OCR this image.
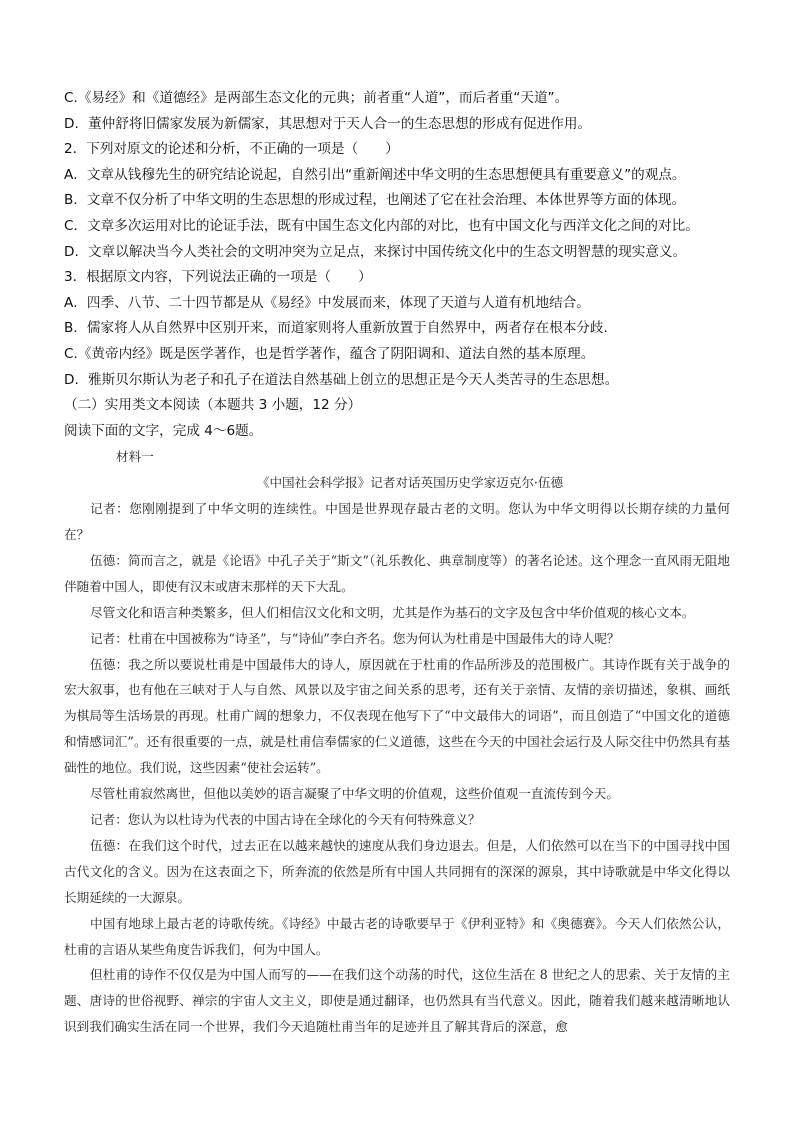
C.《易经》和《道德经》是两部生态文化的元典；前者重“人道”，而后者重“天道”。
D．董仲舒将旧儒家发展为新儒家，其思想对于天人合一的生态思想的形成有促进作用。
2．下列对原文的论述和分析，不正确的一项是（　　）
A．文章从钱穆先生的研究结论说起，自然引出“重新阐述中华文明的生态思想便具有重要意义”的观点。
B．文章不仅分析了中华文明的生态思想的形成过程，也阐述了它在社会治理、本体世界等方面的体现。
C．文章多次运用对比的论证手法，既有中国生态文化内部的对比，也有中国文化与西洋文化之间的对比。
D．文章以解决当今人类社会的文明冲突为立足点，来探讨中国传统文化中的生态文明智慧的现实意义。
3．根据原文内容，下列说法正确的一项是（　　）
A．四季、八节、二十四节都是从《易经》中发展而来，体现了天道与人道有机地结合。
B．儒家将人从自然界中区别开来，而道家则将人重新放置于自然界中，两者存在根本分歧．
C.《黄帝内经》既是医学著作，也是哲学著作，蕴含了阴阳调和、道法自然的基本原理。
D．雅斯贝尔斯认为老子和孔子在道法自然基础上创立的思想正是今天人类苦寻的生态思想。
（二）实用类文本阅读（本题共 3 小题，12 分）
阅读下面的文字，完成 4～6题。

材料一

《中国社会科学报》记者对话英国历史学家迈克尔·伍德

记者：您刚刚提到了中华文明的连续性。中国是世界现存最古老的文明。您认为中华文明得以长期存续的力量何在？

伍德：简而言之，就是《论语》中孔子关于“斯文”（礼乐教化、典章制度等）的著名论述。这个理念一直风雨无阻地伴随着中国人，即使有汉末或唐末那样的天下大乱。

尽管文化和语言种类繁多，但人们相信汉文化和文明，尤其是作为基石的文字及包含中华价值观的核心文本。

记者：杜甫在中国被称为“诗圣”，与“诗仙”李白齐名。您为何认为杜甫是中国最伟大的诗人呢？

伍德：我之所以要说杜甫是中国最伟大的诗人，原因就在于杜甫的作品所涉及的范围极广。其诗作既有关于战争的宏大叙事，也有他在三峡对于人与自然、风景以及宇宙之间关系的思考，还有关于亲情、友情的亲切描述，象棋、画纸为棋局等生活场景的再现。杜甫广阔的想象力，不仅表现在他写下了“中文最伟大的词语”，而且创造了“中国文化的道德和情感词汇”。还有很重要的一点，就是杜甫信奉儒家的仁义道德，这些在今天的中国社会运行及人际交往中仍然具有基础性的地位。我们说，这些因素“使社会运转”。

尽管杜甫寂然离世，但他以美妙的语言凝聚了中华文明的价值观，这些价值观一直流传到今天。

记者：您认为以杜诗为代表的中国古诗在全球化的今天有何特殊意义？

伍德：在我们这个时代，过去正在以越来越快的速度从我们身边退去。但是，人们依然可以在当下的中国寻找中国古代文化的含义。因为在这表面之下，所奔流的依然是所有中国人共同拥有的深深的源泉，其中诗歌就是中华文化得以长期延续的一大源泉。

中国有地球上最古老的诗歌传统。《诗经》中最古老的诗歌要早于《伊利亚特》和《奥德赛》。今天人们依然公认，杜甫的言语从某些角度告诉我们，何为中国人。

但杜甫的诗作不仅仅是为中国人而写的——在我们这个动荡的时代，这位生活在 8 世纪之人的思索、关于友情的主题、唐诗的世俗视野、禅宗的宇宙人文主义，即使是通过翻译，也仍然具有当代意义。因此，随着我们越来越清晰地认识到我们确实生活在同一个世界，我们今天追随杜甫当年的足迹并且了解其背后的深意，愈
